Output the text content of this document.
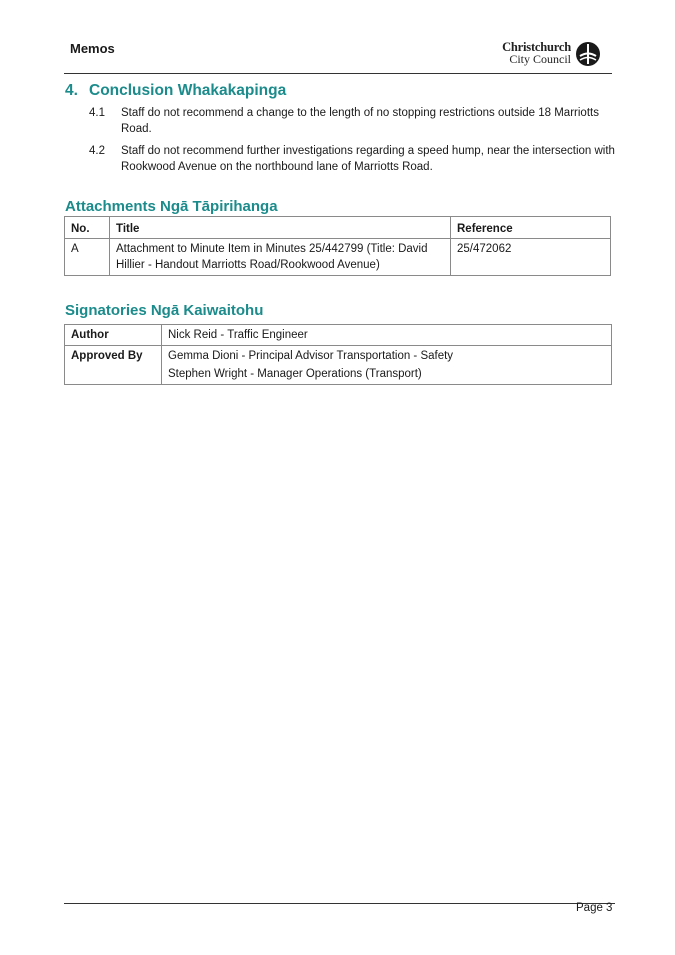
Memos	Christchurch
City Council
4. Conclusion Whakakapinga
4.1 Staff do not recommend a change to the length of no stopping restrictions outside 18 Marriotts Road.
4.2 Staff do not recommend further investigations regarding a speed hump, near the intersection with Rookwood Avenue on the northbound lane of Marriotts Road.
Attachments Ngā Tāpirihanga
No.	Title	Reference
A	Attachment to Minute Item in Minutes 25/442799 (Title: David Hillier - Handout Marriotts Road/Rookwood Avenue)	25/472062
Signatories Ngā Kaiwaitohu
Author	Nick Reid - Traffic Engineer
Approved By	Gemma Dioni - Principal Advisor Transportation - Safety
Stephen Wright - Manager Operations (Transport)
Page 3
